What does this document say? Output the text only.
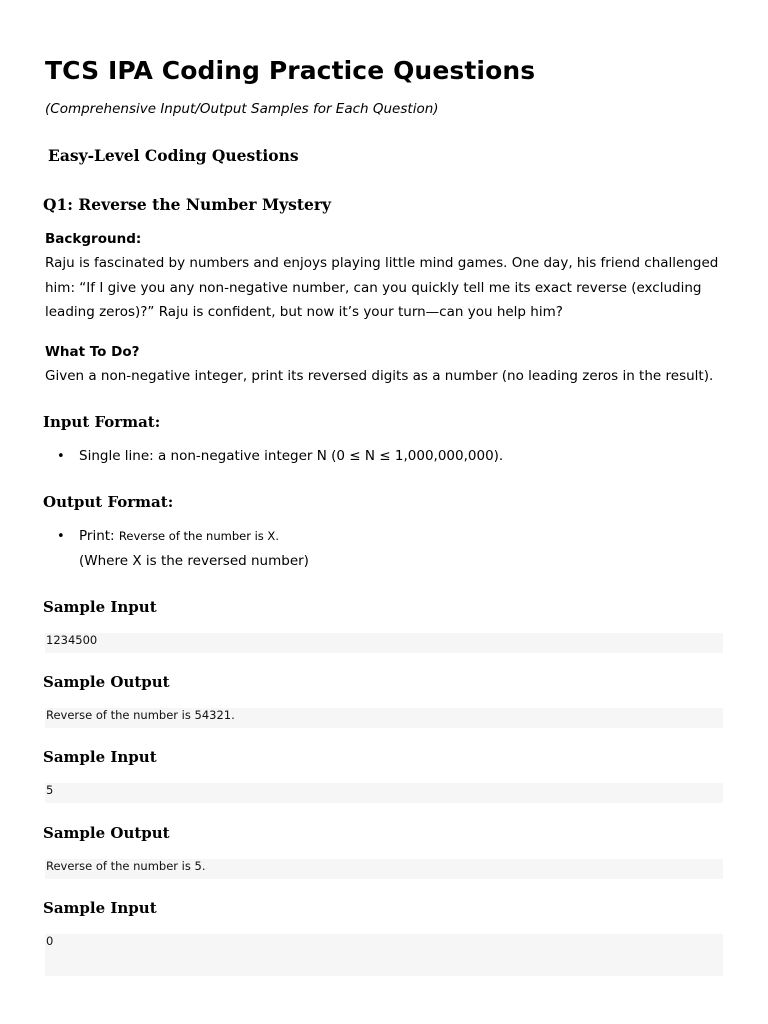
TCS IPA Coding Practice Questions

(Comprehensive Input/Output Samples for Each Question)

Easy-Level Coding Questions
Q1: Reverse the Number Mystery

Background:

Raju is fascinated by numbers and enjoys playing little mind games. One day, his friend challenged
him: “If I give you any non-negative number, can you quickly tell me its exact reverse (excluding
leading zeros)?” Raju is confident, but now it’s your turn—can you help him?

What To Do?

Given a non-negative integer, print its reversed digits as a number (no leading zeros in the result).
Input Format:
• Single line: a non-negative integer N (0 ≤ N ≤ 1,000,000,000).
Output Format:
• Print: Reverse of the number is X.
(Where X is the reversed number)
Sample Input
1234500
Sample Output
Reverse of the number is 54321.
Sample Input
5
Sample Output
Reverse of the number is 5.
Sample Input
0
